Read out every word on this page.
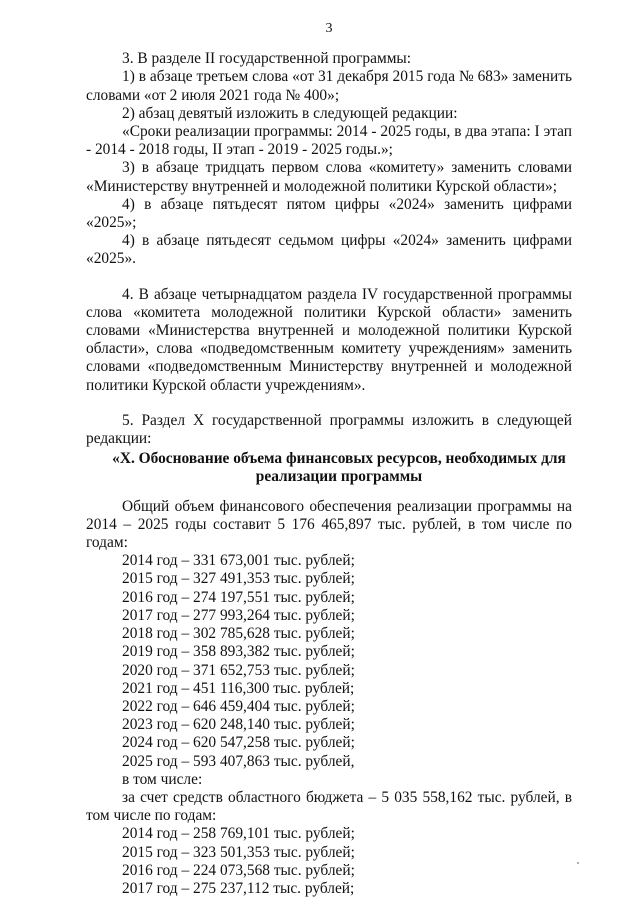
3

3. В разделе II государственной программы:

1) в абзаце третьем слова «от 31 декабря 2015 года № 683» заменить словами «от 2 июля 2021 года № 400»;

2) абзац девятый изложить в следующей редакции:

«Сроки реализации программы: 2014 - 2025 годы, в два этапа: I этап - 2014 - 2018 годы, II этап - 2019 - 2025 годы.»;

3) в абзаце тридцать первом слова «комитету» заменить словами «Министерству внутренней и молодежной политики Курской области»;

4) в абзаце пятьдесят пятом цифры «2024» заменить цифрами «2025»;

4) в абзаце пятьдесят седьмом цифры «2024» заменить цифрами «2025».

4. В абзаце четырнадцатом раздела IV государственной программы слова «комитета молодежной политики Курской области» заменить словами «Министерства внутренней и молодежной политики Курской области», слова «подведомственным комитету учреждениям» заменить словами «подведомственным Министерству внутренней и молодежной политики Курской области учреждениям».

5. Раздел X государственной программы изложить в следующей редакции:

«X. Обоснование объема финансовых ресурсов, необходимых для реализации программы

Общий объем финансового обеспечения реализации программы на 2014 – 2025 годы составит 5 176 465,897 тыс. рублей, в том числе по годам:

2014 год – 331 673,001 тыс. рублей;
2015 год – 327 491,353 тыс. рублей;
2016 год – 274 197,551 тыс. рублей;
2017 год – 277 993,264 тыс. рублей;
2018 год – 302 785,628 тыс. рублей;
2019 год – 358 893,382 тыс. рублей;
2020 год – 371 652,753 тыс. рублей;
2021 год – 451 116,300 тыс. рублей;
2022 год – 646 459,404 тыс. рублей;
2023 год – 620 248,140 тыс. рублей;
2024 год – 620 547,258 тыс. рублей;
2025 год – 593 407,863 тыс. рублей,
в том числе:

за счет средств областного бюджета – 5 035 558,162 тыс. рублей, в том числе по годам:

2014 год – 258 769,101 тыс. рублей;
2015 год – 323 501,353 тыс. рублей;
2016 год – 224 073,568 тыс. рублей;
2017 год – 275 237,112 тыс. рублей;
